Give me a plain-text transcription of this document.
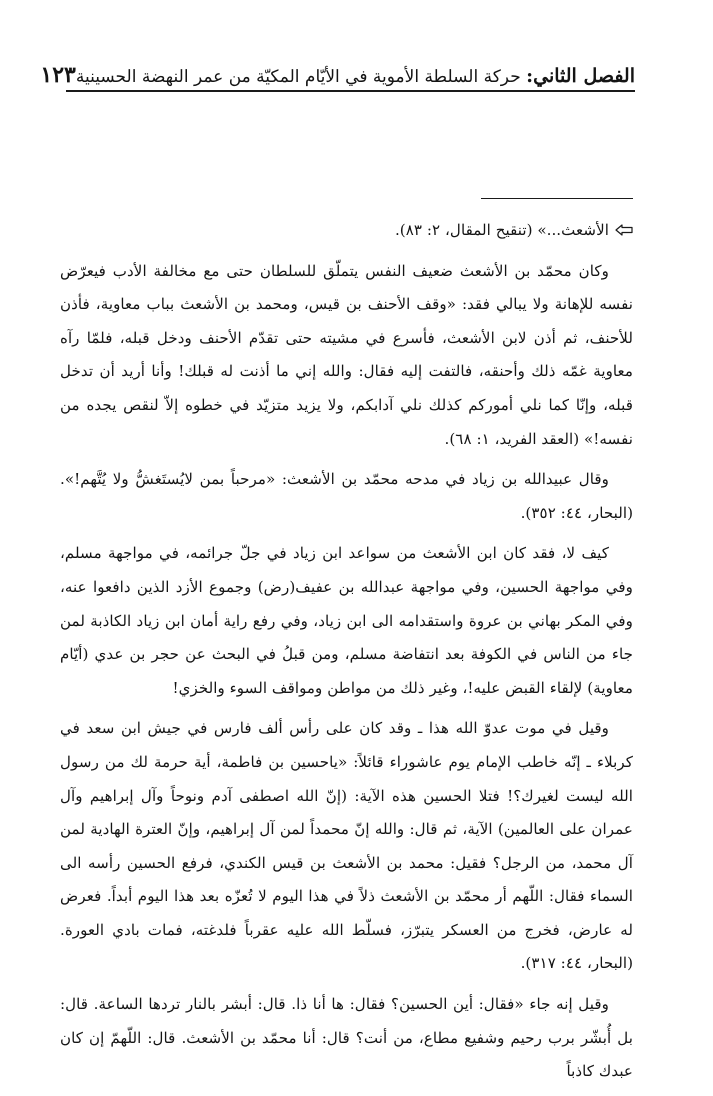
الفصل الثاني: حركة السلطة الأموية في الأيّام المكيّة من عمر النهضة الحسينية
١٢٣

الأشعث...» (تنقيح المقال، ٢: ٨٣).

وكان محمّد بن الأشعث ضعيف النفس يتملّق للسلطان حتى مع مخالفة الأدب فيعرّض نفسه للإهانة ولا يبالي فقد: «وقف الأحنف بن قيس، ومحمد بن الأشعث بباب معاوية، فأذن للأحنف، ثم أذن لابن الأشعث، فأسرع في مشيته حتى تقدّم الأحنف ودخل قبله، فلمّا رآه معاوية غمّه ذلك وأحنقه، فالتفت إليه فقال: والله إني ما أذنت له قبلك! وأنا أريد أن تدخل قبله، وإنّا كما نلي أموركم كذلك نلي آدابكم، ولا يزيد متزيّد في خطوه إلاّ لنقص يجده من نفسه!» (العقد الفريد، ١: ٦٨).

وقال عبيدالله بن زياد في مدحه محمّد بن الأشعث: «مرحباً بمن لايُستَغشُّ ولا يُتَّهم!». (البحار، ٤٤: ٣٥٢).

كيف لا، فقد كان ابن الأشعث من سواعد ابن زياد في جلّ جرائمه، في مواجهة مسلم، وفي مواجهة الحسين، وفي مواجهة عبدالله بن عفيف(رض) وجموع الأزد الذين دافعوا عنه، وفي المكر بهاني بن عروة واستقدامه الى ابن زياد، وفي رفع راية أمان ابن زياد الكاذبة لمن جاء من الناس في الكوفة بعد انتفاضة مسلم، ومن قبلُ في البحث عن حجر بن عدي (أيّام معاوية) لإلقاء القبض عليه!، وغير ذلك من مواطن ومواقف السوء والخزي!

وقيل في موت عدوّ الله هذا ـ وقد كان على رأس ألف فارس في جيش ابن سعد في كربلاء ـ إنّه خاطب الإمام يوم عاشوراء قائلاً: «ياحسين بن فاطمة، أية حرمة لك من رسول الله ليست لغيرك؟! فتلا الحسين هذه الآية: (إنّ الله اصطفى آدم ونوحاً وآل إبراهيم وآل عمران على العالمين) الآية، ثم قال: والله إنّ محمداً لمن آل إبراهيم، وإنّ العترة الهادية لمن آل محمد، من الرجل؟ فقيل: محمد بن الأشعث بن قيس الكندي، فرفع الحسين رأسه الى السماء فقال: اللّهم أر محمّد بن الأشعث ذلاً في هذا اليوم لا تُعزّه بعد هذا اليوم أبداً. فعرض له عارض، فخرج من العسكر يتبرّز، فسلّط الله عليه عقرباً فلدغته، فمات بادي العورة. (البحار، ٤٤: ٣١٧).

وقيل إنه جاء «فقال: أين الحسين؟ فقال: ها أنا ذا. قال: أبشر بالنار تردها الساعة. قال: بل أُبشّر برب رحيم وشفيع مطاع، من أنت؟ قال: أنا محمّد بن الأشعث. قال: اللّهمّ إن كان عبدك كاذباً
